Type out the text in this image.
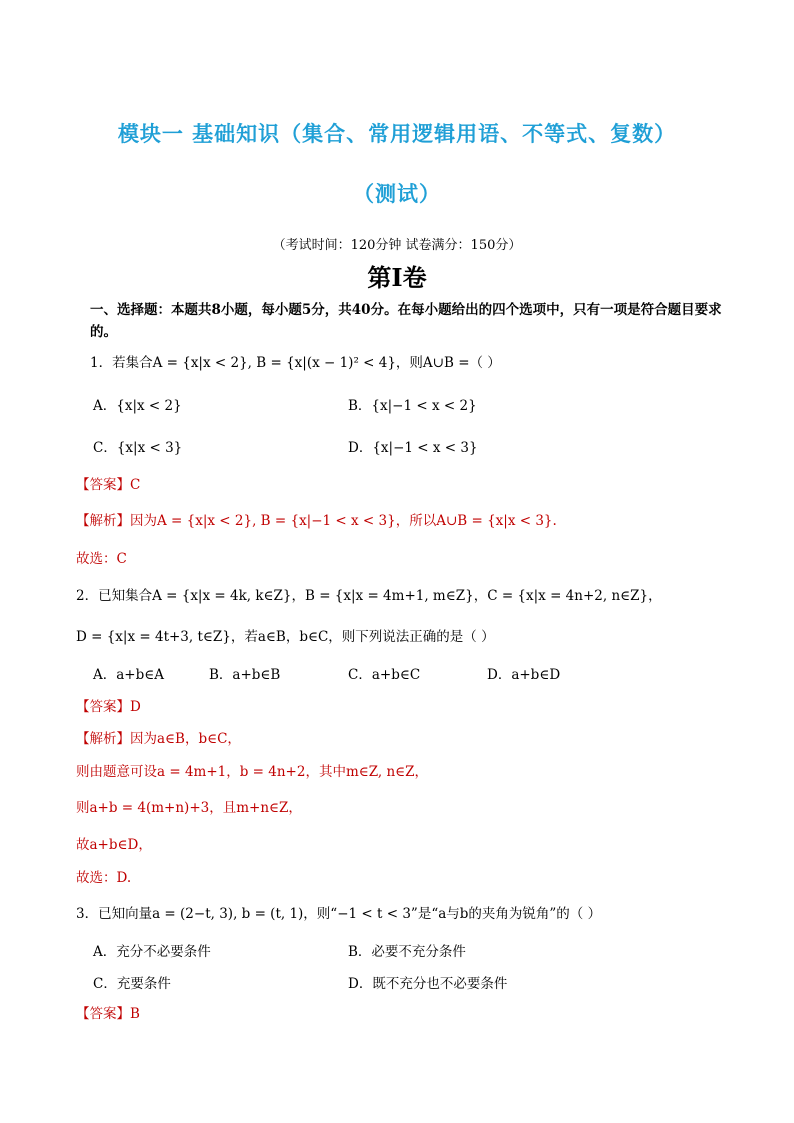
模块一 基础知识（集合、常用逻辑用语、不等式、复数）
（测试）
（考试时间：120分钟 试卷满分：150分）
第I卷
一、选择题：本题共8小题，每小题5分，共40分。在每小题给出的四个选项中，只有一项是符合题目要求的。
1．若集合A = {x|x < 2}, B = {x|(x − 1)² < 4}，则A∪B =（ ）
A．{x|x < 2}	B．{x|−1 < x < 2}
C．{x|x < 3}	D．{x|−1 < x < 3}
【答案】C
【解析】因为A = {x|x < 2}, B = {x|−1 < x < 3}，所以A∪B = {x|x < 3}.
故选：C
2．已知集合A = {x|x = 4k, k∈Z}，B = {x|x = 4m+1, m∈Z}，C = {x|x = 4n+2, n∈Z}，
D = {x|x = 4t+3, t∈Z}，若a∈B，b∈C，则下列说法正确的是（ ）
A．a+b∈A	B．a+b∈B	C．a+b∈C	D．a+b∈D
【答案】D
【解析】因为a∈B，b∈C，
则由题意可设a = 4m+1，b = 4n+2，其中m∈Z, n∈Z，
则a+b = 4(m+n)+3，且m+n∈Z，
故a+b∈D，
故选：D.
3．已知向量a = (2−t, 3), b = (t, 1)，则“−1 < t < 3”是“a与b的夹角为锐角”的（ ）
A．充分不必要条件	B．必要不充分条件
C．充要条件	D．既不充分也不必要条件
【答案】B
